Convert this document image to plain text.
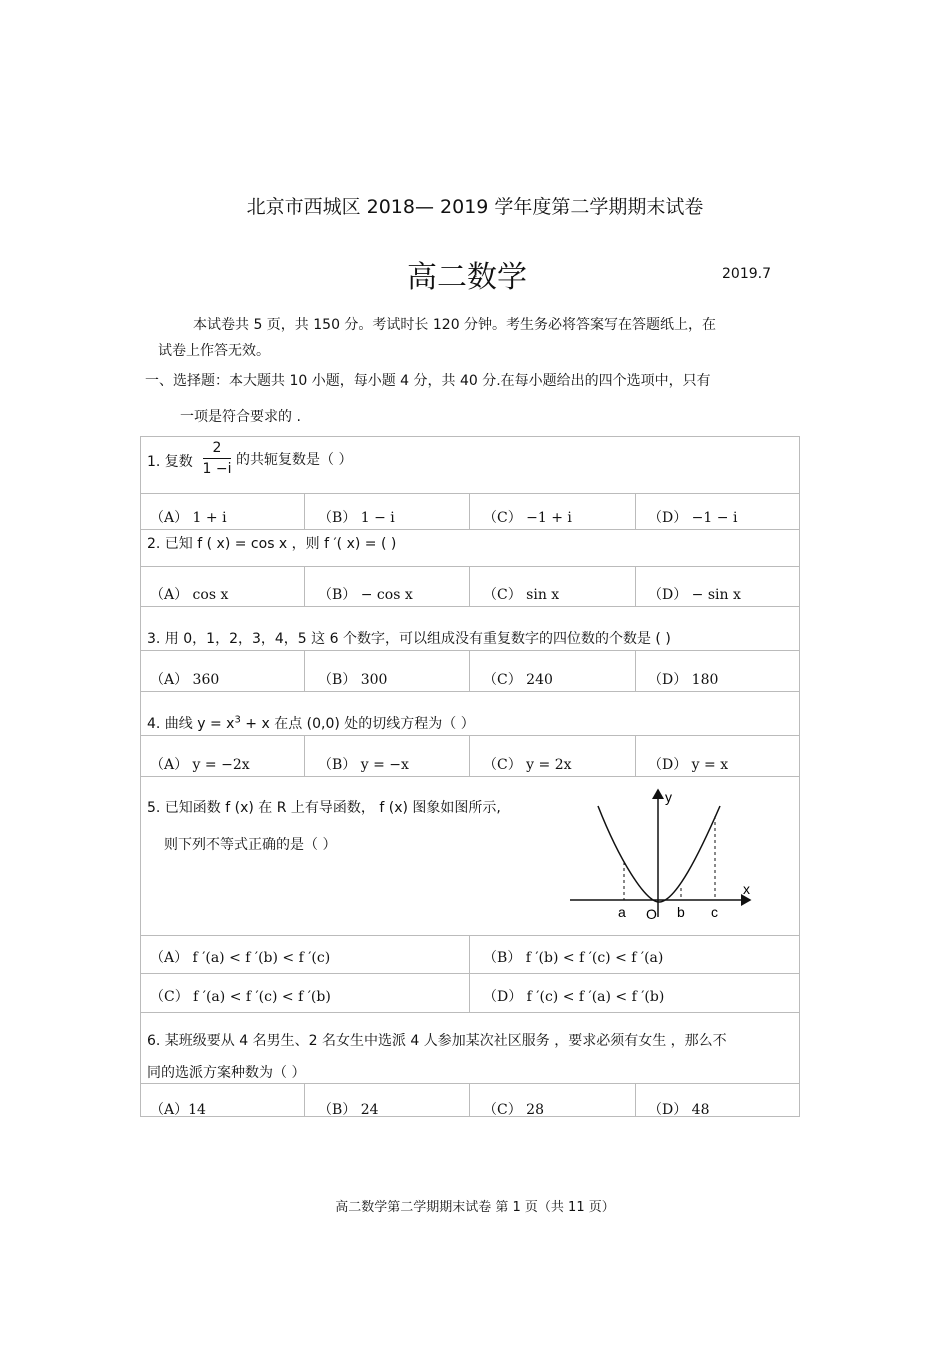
北京市西城区 2018— 2019 学年度第二学期期末试卷
高二数学	2019.7
本试卷共 5 页，共 150 分。考试时长 120 分钟。考生务必将答案写在答题纸上，在
试卷上作答无效。
一、选择题：本大题共 10 小题，每小题 4 分，共 40 分.在每小题给出的四个选项中，只有
一项是符合要求的 .
1. 复数
2
1 −i
的共轭复数是（ ）
（A） 1 + i	（B） 1 − i	（C） −1 + i	（D） −1 − i
2. 已知 f ( x) = cos x ，则 f ′( x) = ( )
（A） cos x	（B） − cos x	（C） sin x	（D） − sin x
3. 用 0，1，2，3，4，5 这 6 个数字，可以组成没有重复数字的四位数的个数是 ( )
（A） 360	（B） 300	（C） 240	（D） 180
4. 曲线 $y = x^3 + x$ 在点 (0,0) 处的切线方程为（ ）
（A） y = −2x	（B） y = −x	（C） y = 2x	（D） y = x
5. 已知函数 f (x) 在 R 上有导函数， f (x) 图象如图所示,
则下列不等式正确的是（ ）
y
x
a O b c
（A） f ′(a) < f ′(b) < f ′(c)	（B） f ′(b) < f ′(c) < f ′(a)
（C） f ′(a) < f ′(c) < f ′(b)	（D） f ′(c) < f ′(a) < f ′(b)
6. 某班级要从 4 名男生、2 名女生中选派 4 人参加某次社区服务 ，要求必须有女生 ，那么不
同的选派方案种数为（ ）
（A）14	（B） 24	（C） 28	（D） 48
高二数学第二学期期末试卷 第 1 页（共 11 页）
